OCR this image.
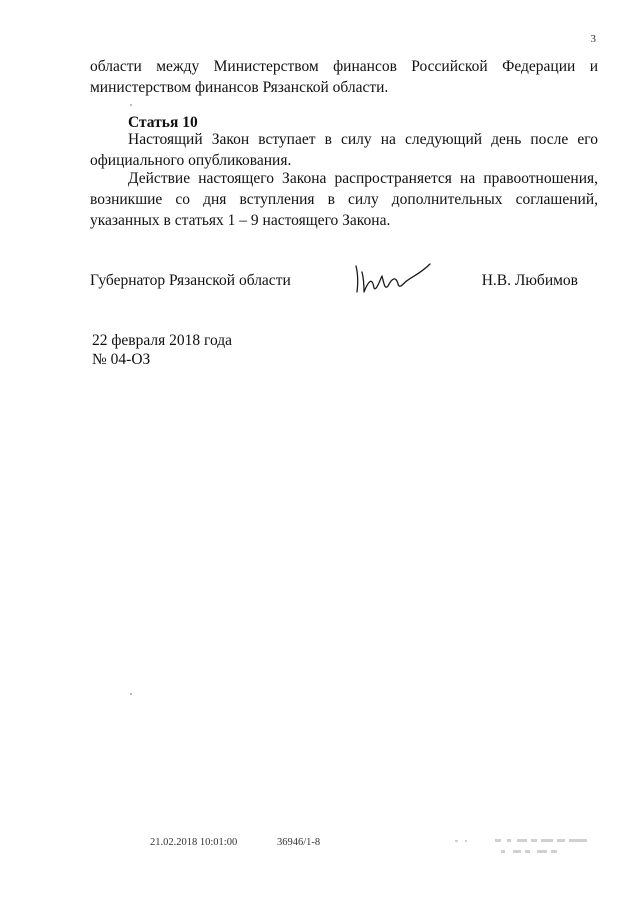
3

области между Министерством финансов Российской Федерации и

министерством финансов Рязанской области.

Статья 10

Настоящий Закон вступает в силу на следующий день после его

официального опубликования.

Действие настоящего Закона распространяется на правоотношения,

возникшие со дня вступления в силу дополнительных соглашений,

указанных в статьях 1 – 9 настоящего Закона.

Губернатор Рязанской области	Н.В. Любимов
22 февраля 2018 года
№ 04-ОЗ
21.02.2018 10:01:00	36946/1-8
